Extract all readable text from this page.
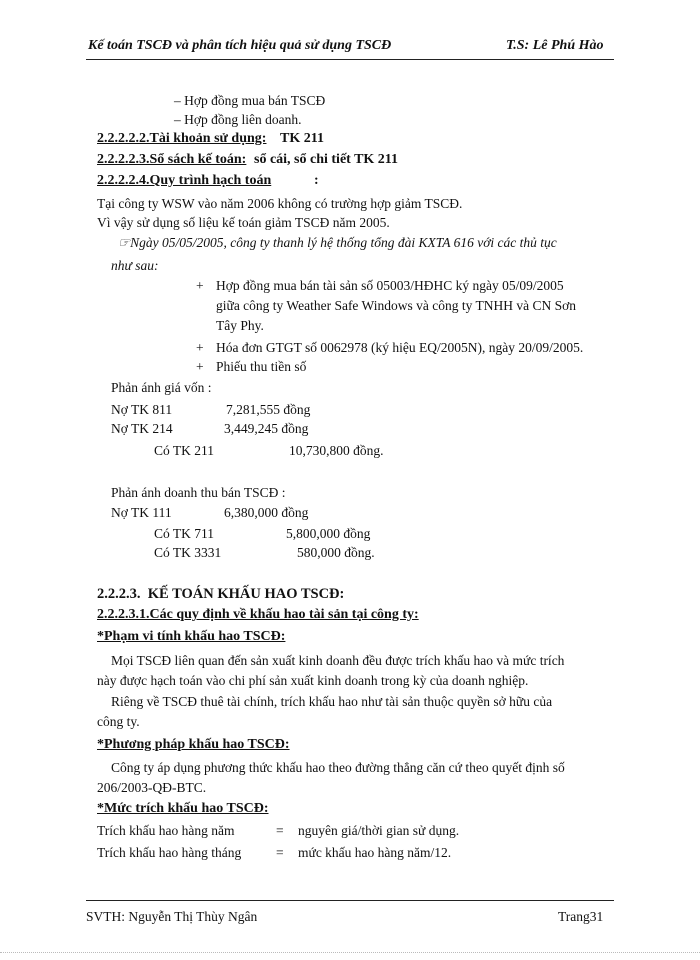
Kế toán TSCĐ và phân tích hiệu quả sử dụng TSCĐ	T.S: Lê Phú Hào
– Hợp đồng mua bán TSCĐ
– Hợp đồng liên doanh.
2.2.2.2.2.Tài khoản sử dụng: TK 211
2.2.2.2.3.Sổ sách kế toán: sổ cái, sổ chi tiết TK 211
2.2.2.2.4.Quy trình hạch toán	:
Tại công ty WSW vào năm 2006 không có trường hợp giảm TSCĐ.
Vì vậy sử dụng số liệu kế toán giảm TSCĐ năm 2005.
☞Ngày 05/05/2005, công ty thanh lý hệ thống tổng đài KXTA 616 với các thủ tục
như sau:
+ Hợp đồng mua bán tài sản số 05003/HĐHC ký ngày 05/09/2005
giữa công ty Weather Safe Windows và công ty TNHH và CN Sơn
Tây Phy.
+ Hóa đơn GTGT số 0062978 (ký hiệu EQ/2005N), ngày 20/09/2005.
+ Phiếu thu tiền số
Phản ánh giá vốn :
Nợ TK 811	7,281,555 đồng
Nợ TK 214	3,449,245 đồng
Có TK 211	10,730,800 đồng.
Phản ánh doanh thu bán TSCĐ :
Nợ TK 111	6,380,000 đồng
Có TK 711	5,800,000 đồng
Có TK 3331	580,000 đồng.
2.2.2.3. KẾ TOÁN KHẤU HAO TSCĐ:
2.2.2.3.1.Các quy định về khấu hao tài sản tại công ty:
*Phạm vi tính khấu hao TSCĐ:
Mọi TSCĐ liên quan đến sản xuất kinh doanh đều được trích khấu hao và mức trích
này được hạch toán vào chi phí sản xuất kinh doanh trong kỳ của doanh nghiệp.
Riêng về TSCĐ thuê tài chính, trích khấu hao như tài sản thuộc quyền sở hữu của
công ty.
*Phương pháp khấu hao TSCĐ:
Công ty áp dụng phương thức khấu hao theo đường thẳng căn cứ theo quyết định số
206/2003-QĐ-BTC.
*Mức trích khấu hao TSCĐ:
Trích khấu hao hàng năm	= nguyên giá/thời gian sử dụng.
Trích khấu hao hàng tháng	= mức khấu hao hàng năm/12.
SVTH: Nguyễn Thị Thùy Ngân	Trang31
